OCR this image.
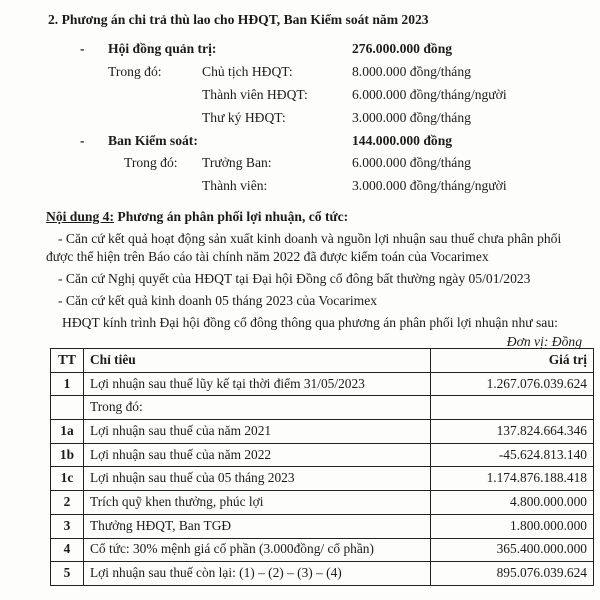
2. Phương án chi trả thù lao cho HĐQT, Ban Kiểm soát năm 2023
- Hội đồng quản trị:	276.000.000 đồng
Trong đó:	Chủ tịch HĐQT:	8.000.000 đồng/tháng
Thành viên HĐQT:	6.000.000 đồng/tháng/người
Thư ký HĐQT:	3.000.000 đồng/tháng
- Ban Kiểm soát:	144.000.000 đồng
Trong đó: Trưởng Ban:	6.000.000 đồng/tháng
Thành viên:	3.000.000 đồng/tháng/người
Nội dung 4: Phương án phân phối lợi nhuận, cổ tức:
- Căn cứ kết quả hoạt động sản xuất kinh doanh và nguồn lợi nhuận sau thuế chưa phân phối
được thể hiện trên Báo cáo tài chính năm 2022 đã được kiểm toán của Vocarimex
- Căn cứ Nghị quyết của HĐQT tại Đại hội Đồng cổ đông bất thường ngày 05/01/2023
- Căn cứ kết quả kinh doanh 05 tháng 2023 của Vocarimex
HĐQT kính trình Đại hội đồng cổ đông thông qua phương án phân phối lợi nhuận như sau:
Đơn vị: Đồng
TT	Chỉ tiêu	Giá trị
1	Lợi nhuận sau thuế lũy kế tại thời điểm 31/05/2023	1.267.076.039.624
	Trong đó:	
1a	Lợi nhuận sau thuế của năm 2021	137.824.664.346
1b	Lợi nhuận sau thuế của năm 2022	-45.624.813.140
1c	Lợi nhuận sau thuế của 05 tháng 2023	1.174.876.188.418
2	Trích quỹ khen thưởng, phúc lợi	4.800.000.000
3	Thưởng HĐQT, Ban TGĐ	1.800.000.000
4	Cổ tức: 30% mệnh giá cổ phần (3.000đồng/ cổ phần)	365.400.000.000
5	Lợi nhuận sau thuế còn lại: (1) – (2) – (3) – (4)	895.076.039.624
